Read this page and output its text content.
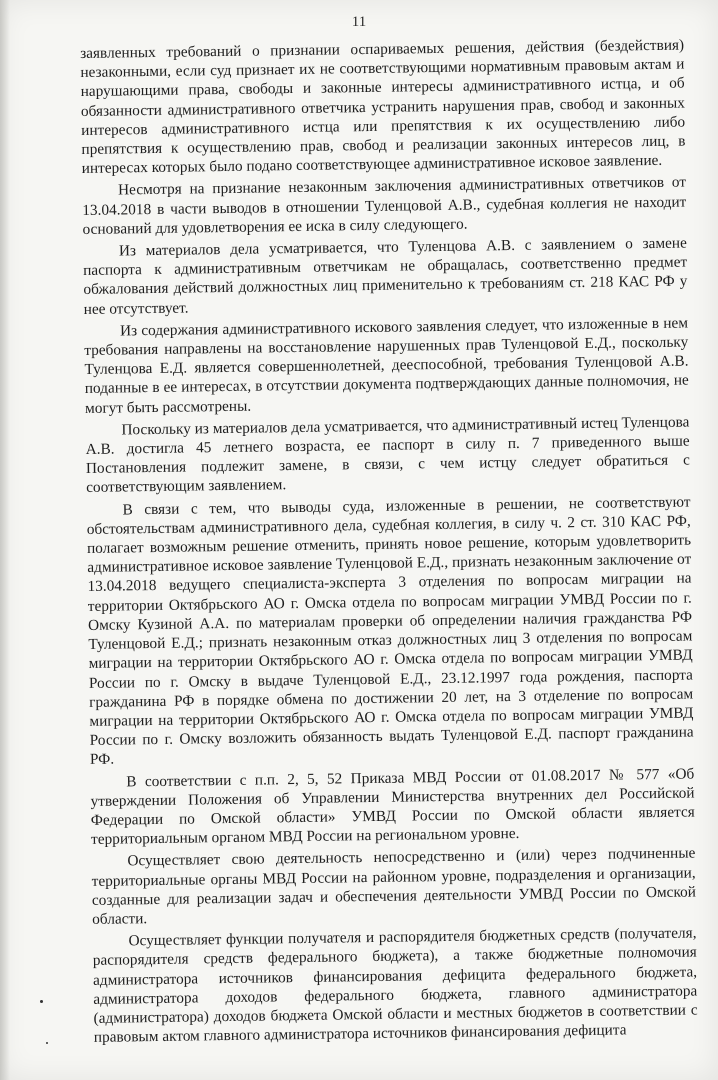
11

заявленных требований о признании оспариваемых решения, действия (бездействия) незаконными, если суд признает их не соответствующими нормативным правовым актам и нарушающими права, свободы и законные интересы административного истца, и об обязанности административного ответчика устранить нарушения прав, свобод и законных интересов административного истца или препятствия к их осуществлению либо препятствия к осуществлению прав, свобод и реализации законных интересов лиц, в интересах которых было подано соответствующее административное исковое заявление.

Несмотря на признание незаконным заключения административных ответчиков от 13.04.2018 в части выводов в отношении Туленцовой А.В., судебная коллегия не находит оснований для удовлетворения ее иска в силу следующего.

Из материалов дела усматривается, что Туленцова А.В. с заявлением о замене паспорта к административным ответчикам не обращалась, соответственно предмет обжалования действий должностных лиц применительно к требованиям ст. 218 КАС РФ у нее отсутствует.

Из содержания административного искового заявления следует, что изложенные в нем требования направлены на восстановление нарушенных прав Туленцовой Е.Д., поскольку Туленцова Е.Д. является совершеннолетней, дееспособной, требования Туленцовой А.В. поданные в ее интересах, в отсутствии документа подтверждающих данные полномочия, не могут быть рассмотрены.

Поскольку из материалов дела усматривается, что административный истец Туленцова А.В. достигла 45 летнего возраста, ее паспорт в силу п. 7 приведенного выше Постановления подлежит замене, в связи, с чем истцу следует обратиться с соответствующим заявлением.

В связи с тем, что выводы суда, изложенные в решении, не соответствуют обстоятельствам административного дела, судебная коллегия, в силу ч. 2 ст. 310 КАС РФ, полагает возможным решение отменить, принять новое решение, которым удовлетворить административное исковое заявление Туленцовой Е.Д., признать незаконным заключение от 13.04.2018 ведущего специалиста-эксперта 3 отделения по вопросам миграции на территории Октябрьского АО г. Омска отдела по вопросам миграции УМВД России по г. Омску Кузиной А.А. по материалам проверки об определении наличия гражданства РФ Туленцовой Е.Д.; признать незаконным отказ должностных лиц 3 отделения по вопросам миграции на территории Октябрьского АО г. Омска отдела по вопросам миграции УМВД России по г. Омску в выдаче Туленцовой Е.Д., 23.12.1997 года рождения, паспорта гражданина РФ в порядке обмена по достижении 20 лет, на 3 отделение по вопросам миграции на территории Октябрьского АО г. Омска отдела по вопросам миграции УМВД России по г. Омску возложить обязанность выдать Туленцовой Е.Д. паспорт гражданина РФ.

В соответствии с п.п. 2, 5, 52 Приказа МВД России от 01.08.2017 № 577 «Об утверждении Положения об Управлении Министерства внутренних дел Российской Федерации по Омской области» УМВД России по Омской области является территориальным органом МВД России на региональном уровне.

Осуществляет свою деятельность непосредственно и (или) через подчиненные территориальные органы МВД России на районном уровне, подразделения и организации, созданные для реализации задач и обеспечения деятельности УМВД России по Омской области.

Осуществляет функции получателя и распорядителя бюджетных средств (получателя, распорядителя средств федерального бюджета), а также бюджетные полномочия администратора источников финансирования дефицита федерального бюджета, администратора доходов федерального бюджета, главного администратора (администратора) доходов бюджета Омской области и местных бюджетов в соответствии с правовым актом главного администратора источников финансирования дефицита
